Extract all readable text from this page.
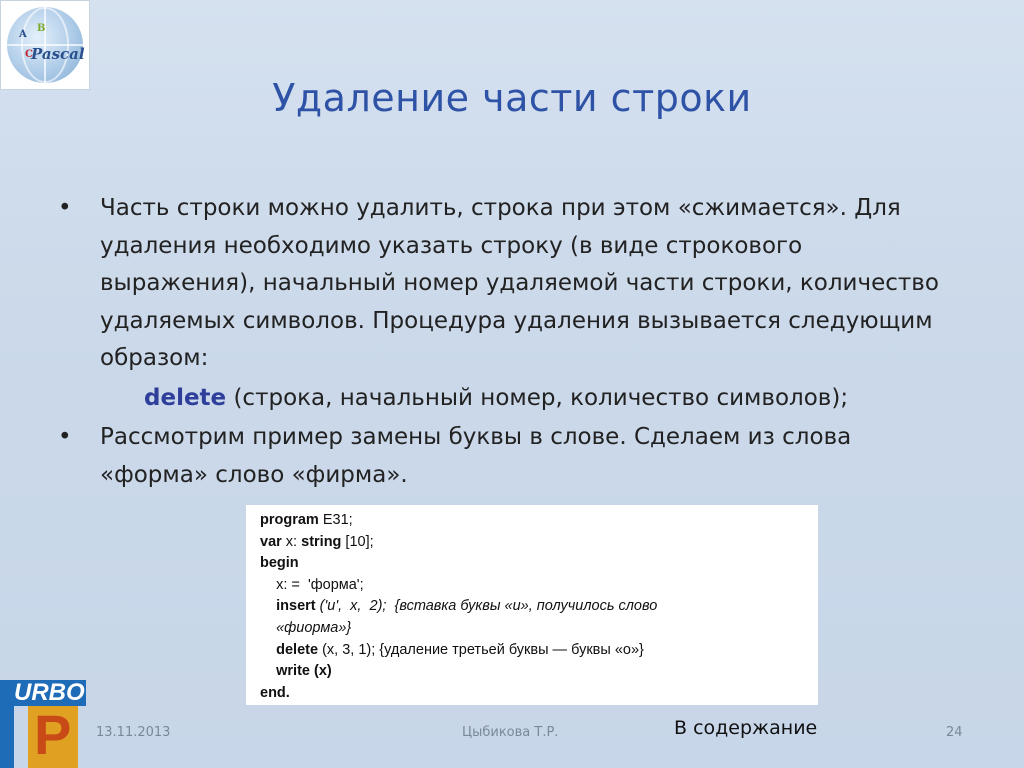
A
B
C
Pascal
Удаление части строки
• Часть строки можно удалить, строка при этом «сжимается». Для удаления необходимо указать строку (в виде строкового выражения), начальный номер удаляемой части строки, количество удаляемых символов. Процедура удаления вызывается следующим образом:
delete (строка, начальный номер, количество символов);
• Рассмотрим пример замены буквы в слове. Сделаем из слова «форма» слово «фирма».
program E31;
var x: string [10];
begin
x: =  'форма';
insert ('и',  x,  2);  {вставка буквы «и», получилось слово
«фиорма»}
delete (x, 3, 1); {удаление третьей буквы — буквы «о»}
write (x)
end.
URBO
P 13.11.2013	Цыбикова Т.Р.	В содержание	24
